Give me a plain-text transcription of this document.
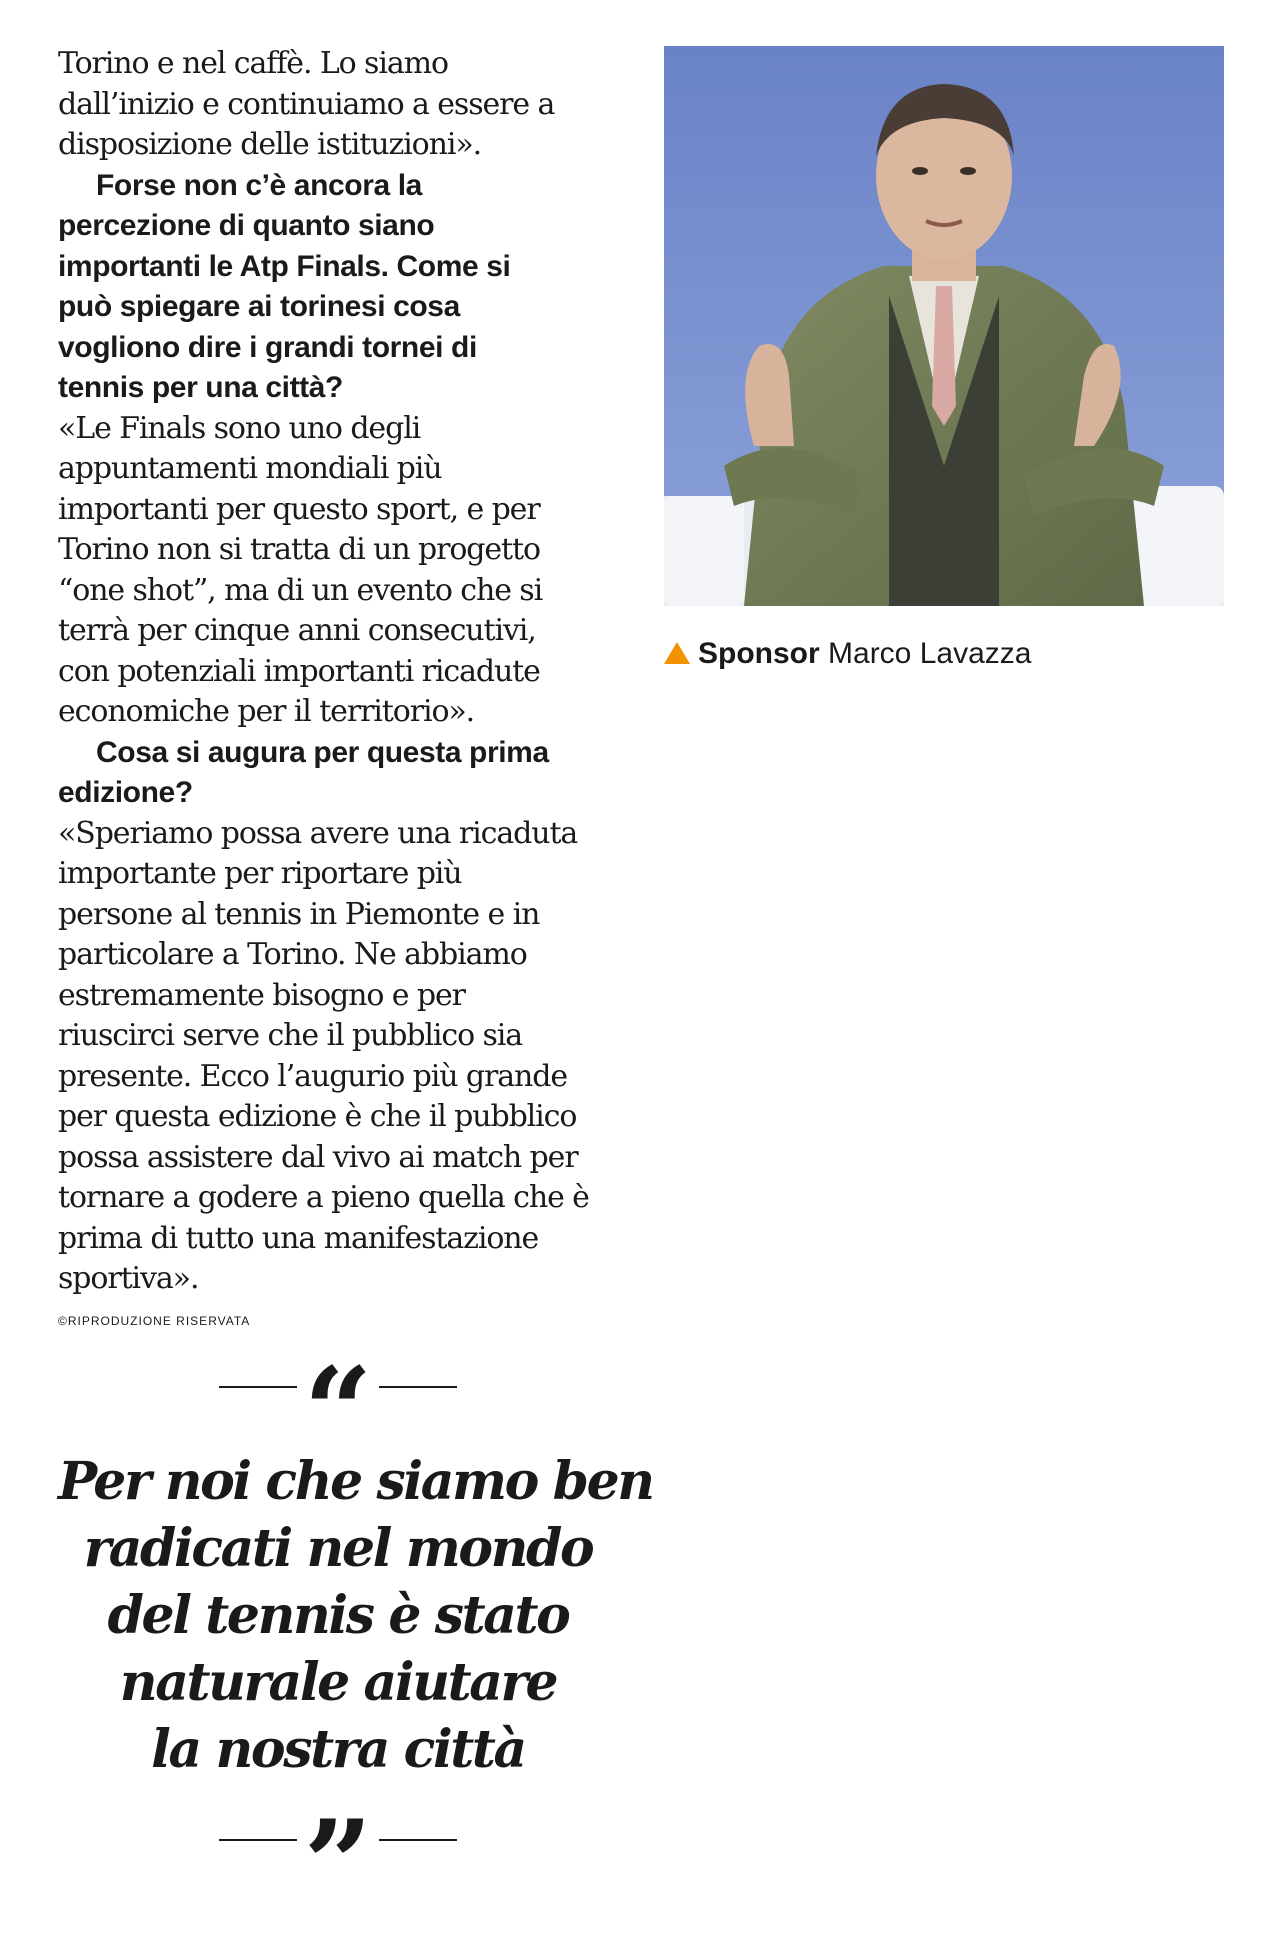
Torino e nel caffè. Lo siamo
dall’inizio e continuiamo a essere a
disposizione delle istituzioni».

Forse non c’è ancora la
percezione di quanto siano
importanti le Atp Finals. Come si
può spiegare ai torinesi cosa
vogliono dire i grandi tornei di
tennis per una città?

«Le Finals sono uno degli
appuntamenti mondiali più
importanti per questo sport, e per
Torino non si tratta di un progetto
“one shot”, ma di un evento che si
terrà per cinque anni consecutivi,
con potenziali importanti ricadute
economiche per il territorio».

Cosa si augura per questa prima
edizione?

«Speriamo possa avere una ricaduta
importante per riportare più
persone al tennis in Piemonte e in
particolare a Torino. Ne abbiamo
estremamente bisogno e per
riuscirci serve che il pubblico sia
presente. Ecco l’augurio più grande
per questa edizione è che il pubblico
possa assistere dal vivo ai match per
tornare a godere a pieno quella che è
prima di tutto una manifestazione
sportiva».

©RIPRODUZIONE RISERVATA
“
Per noi che siamo ben
radicati nel mondo
del tennis è stato
naturale aiutare
la nostra città
”
Sponsor Marco Lavazza
